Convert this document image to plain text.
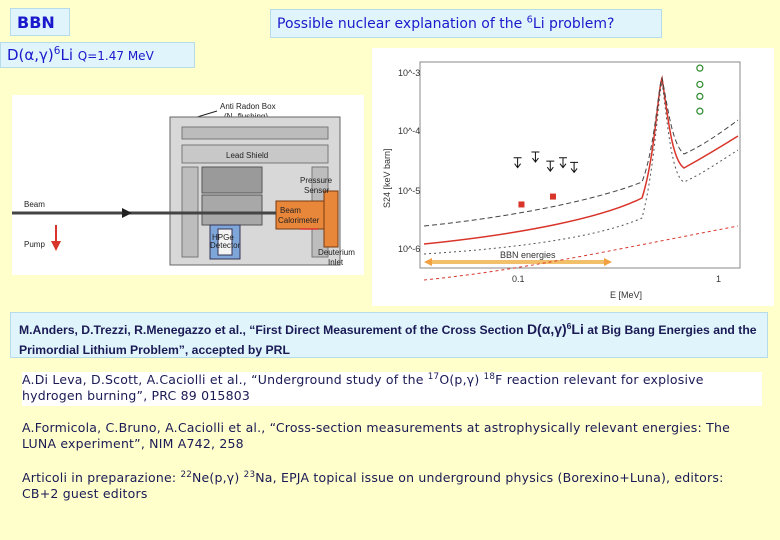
BBN	Possible nuclear explanation of the $^6$Li problem?
$D(\alpha,\gamma)^6Li$ Q=1.47 MeV
Anti Radon Box
Lead Shield
HPGe
Detector
Beam
Calorimeter
Pressure
Sensor
Beam
Pump
Deuterium
Inlet
10^-3
10^-4
10^-5
10^-6
0.1	1
E [MeV]
S24 [keV barn]
BBN energies
M.Anders, D.Trezzi, R.Menegazzo et al., “First Direct Measurement of the Cross Section $D(\alpha,\gamma)^6Li$ at Big Bang Energies and the Primordial Lithium Problem”, accepted by PRL
A.Di Leva, D.Scott, A.Caciolli et al., “Underground study of the $^{17}$O(p,γ) $^{18}$F reaction relevant for explosive hydrogen burning”, PRC 89 015803
A.Formicola, C.Bruno, A.Caciolli et al., “Cross-section measurements at astrophysically relevant energies: The LUNA experiment”, NIM A742, 258
Articoli in preparazione: $^{22}$Ne(p,γ) $^{23}$Na, EPJA topical issue on underground physics (Borexino+Luna), editors: CB+2 guest editors
